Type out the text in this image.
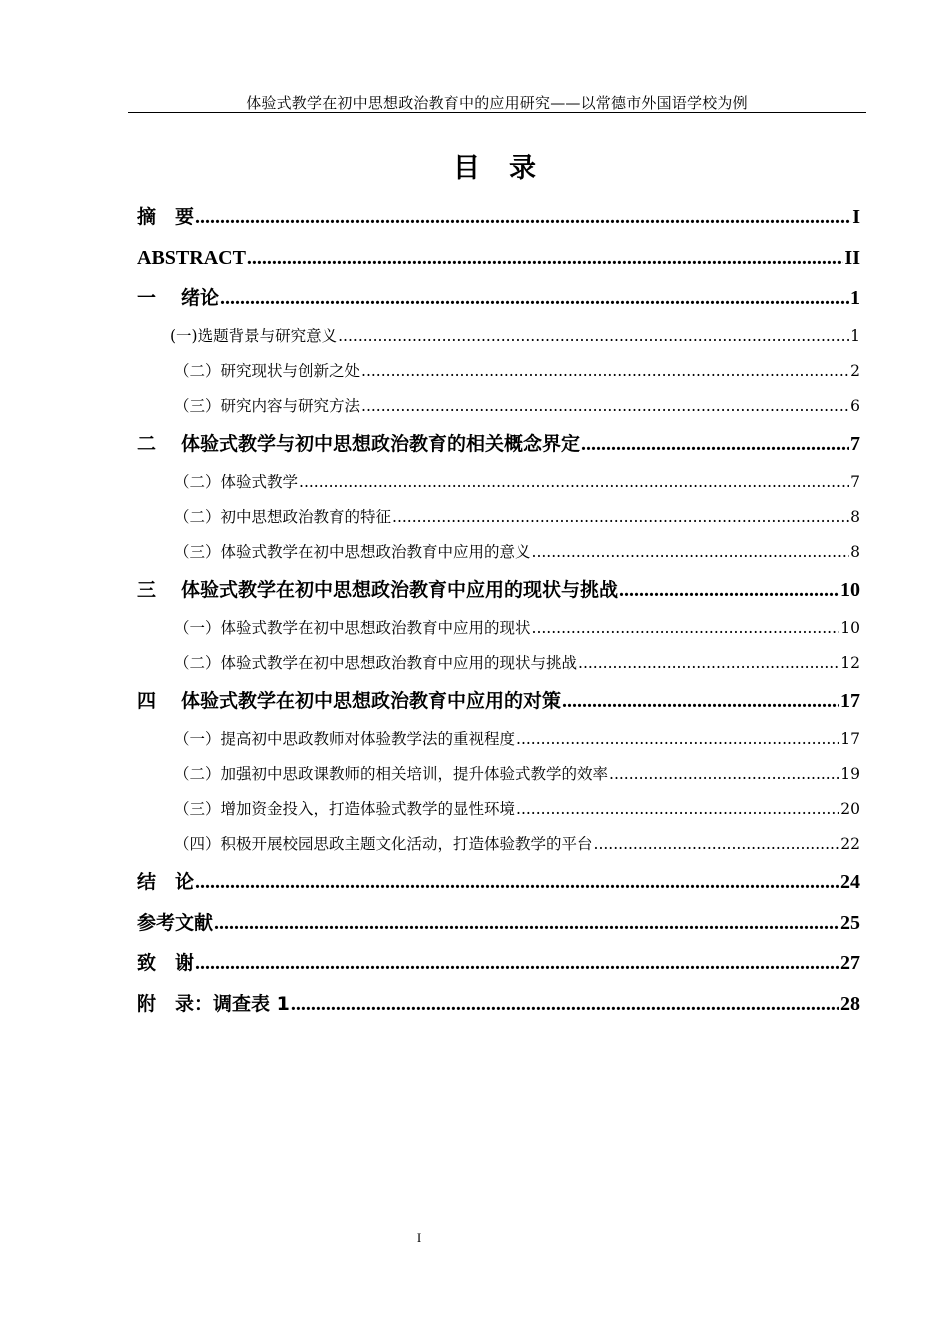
体验式教学在初中思想政治教育中的应用研究——以常德市外国语学校为例
目　录
摘　要 .....	I
ABSTRACT .....	II
一 绪论 .....	1
(一)选题背景与研究意义 .....	1
（二）研究现状与创新之处 .....	2
（三）研究内容与研究方法 .....	6
二 体验式教学与初中思想政治教育的相关概念界定 .....	7
（二）体验式教学 .....	7
（二）初中思想政治教育的特征 .....	8
（三）体验式教学在初中思想政治教育中应用的意义 .....	8
三 体验式教学在初中思想政治教育中应用的现状与挑战 .....	10
（一）体验式教学在初中思想政治教育中应用的现状 .....	10
（二）体验式教学在初中思想政治教育中应用的现状与挑战 .....	12
四 体验式教学在初中思想政治教育中应用的对策 .....	17
（一）提高初中思政教师对体验教学法的重视程度 .....	17
（二）加强初中思政课教师的相关培训，提升体验式教学的效率 .....	19
（三）增加资金投入，打造体验式教学的显性环境 .....	20
（四）积极开展校园思政主题文化活动，打造体验教学的平台 .....	22
结　论 .....	24
参考文献 .....	25
致　谢 .....	27
附　录：调查表 1 .....	28
I
